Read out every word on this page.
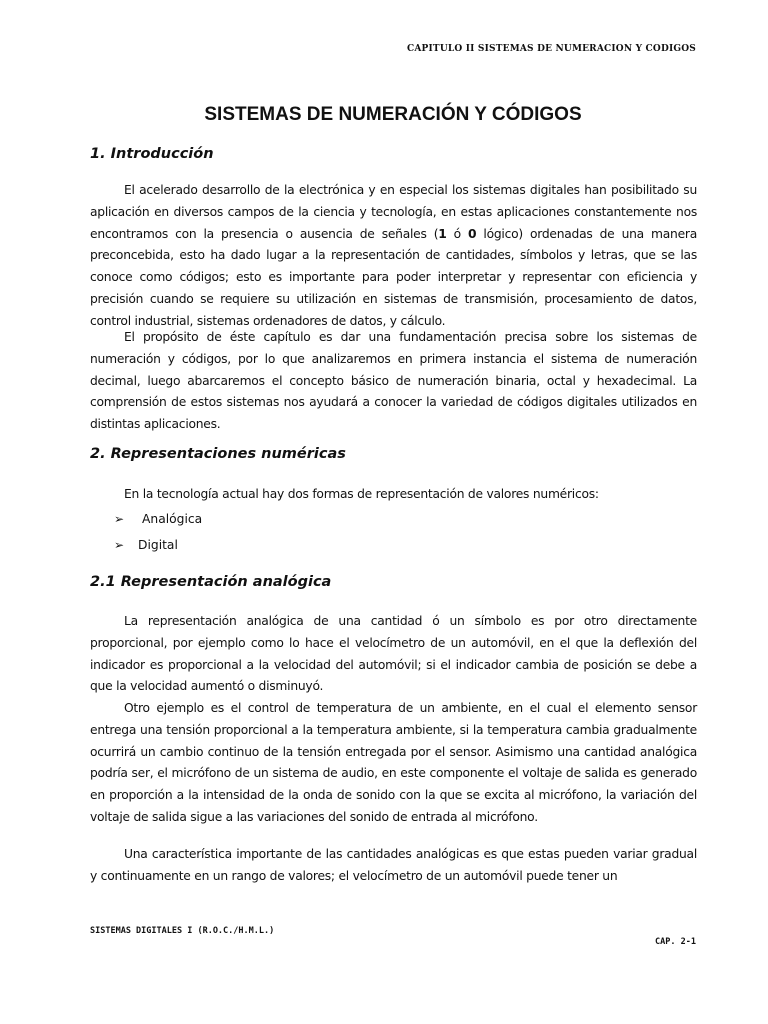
CAPITULO II SISTEMAS DE NUMERACION Y CODIGOS
SISTEMAS DE NUMERACIÓN Y CÓDIGOS
1. Introducción
El acelerado desarrollo de la electrónica y en especial los sistemas digitales han posibilitado su aplicación en diversos campos de la ciencia y tecnología, en estas aplicaciones constantemente nos encontramos con la presencia o ausencia de señales (1 ó 0 lógico) ordenadas de una manera preconcebida, esto ha dado lugar a la representación de cantidades, símbolos y letras, que se las conoce como códigos; esto es importante para poder interpretar y representar con eficiencia y precisión cuando se requiere su utilización en sistemas de transmisión, procesamiento de datos, control industrial, sistemas ordenadores de datos, y cálculo.
El propósito de éste capítulo es dar una fundamentación precisa sobre los sistemas de numeración y códigos, por lo que analizaremos en primera instancia el sistema de numeración decimal, luego abarcaremos el concepto básico de numeración binaria, octal y hexadecimal. La comprensión de estos sistemas nos ayudará a conocer la variedad de códigos digitales utilizados en distintas aplicaciones.
2. Representaciones numéricas
En la tecnología actual hay dos formas de representación de valores numéricos:
➢ Analógica
➢ Digital
2.1 Representación analógica
La representación analógica de una cantidad ó un símbolo es por otro directamente proporcional, por ejemplo como lo hace el velocímetro de un automóvil, en el que la deflexión del indicador es proporcional a la velocidad del automóvil; si el indicador cambia de posición se debe a que la velocidad aumentó o disminuyó.
Otro ejemplo es el control de temperatura de un ambiente, en el cual el elemento sensor entrega una tensión proporcional a la temperatura ambiente, si la temperatura cambia gradualmente ocurrirá un cambio continuo de la tensión entregada por el sensor. Asimismo una cantidad analógica podría ser, el micrófono de un sistema de audio, en este componente el voltaje de salida es generado en proporción a la intensidad de la onda de sonido con la que se excita al micrófono, la variación del voltaje de salida sigue a las variaciones del sonido de entrada al micrófono.
Una característica importante de las cantidades analógicas es que estas pueden variar gradual y continuamente en un rango de valores; el velocímetro de un automóvil puede tener un
SISTEMAS DIGITALES I (R.O.C./H.M.L.)
CAP. 2-1
